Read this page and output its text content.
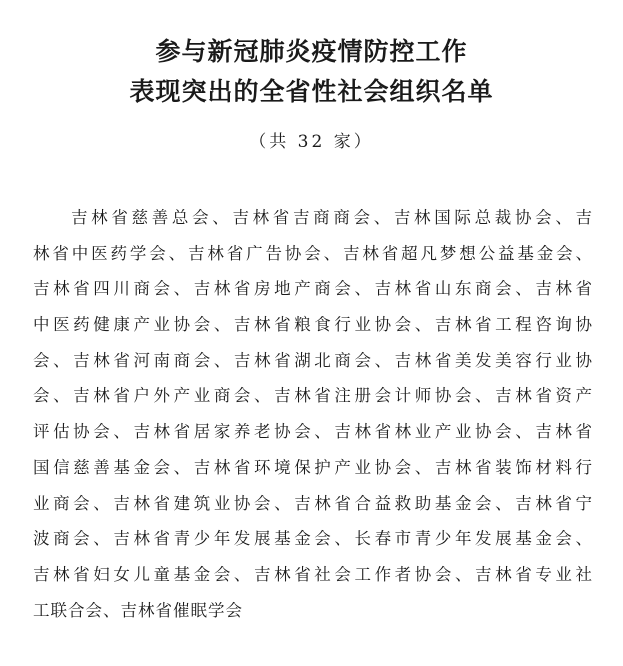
参与新冠肺炎疫情防控工作
表现突出的全省性社会组织名单
（共 32 家）
吉林省慈善总会、吉林省吉商商会、吉林国际总裁协会、吉
林省中医药学会、吉林省广告协会、吉林省超凡梦想公益基金会、
吉林省四川商会、吉林省房地产商会、吉林省山东商会、吉林省
中医药健康产业协会、吉林省粮食行业协会、吉林省工程咨询协
会、吉林省河南商会、吉林省湖北商会、吉林省美发美容行业协
会、吉林省户外产业商会、吉林省注册会计师协会、吉林省资产
评估协会、吉林省居家养老协会、吉林省林业产业协会、吉林省
国信慈善基金会、吉林省环境保护产业协会、吉林省装饰材料行
业商会、吉林省建筑业协会、吉林省合益救助基金会、吉林省宁
波商会、吉林省青少年发展基金会、长春市青少年发展基金会、
吉林省妇女儿童基金会、吉林省社会工作者协会、吉林省专业社
工联合会、吉林省催眠学会
